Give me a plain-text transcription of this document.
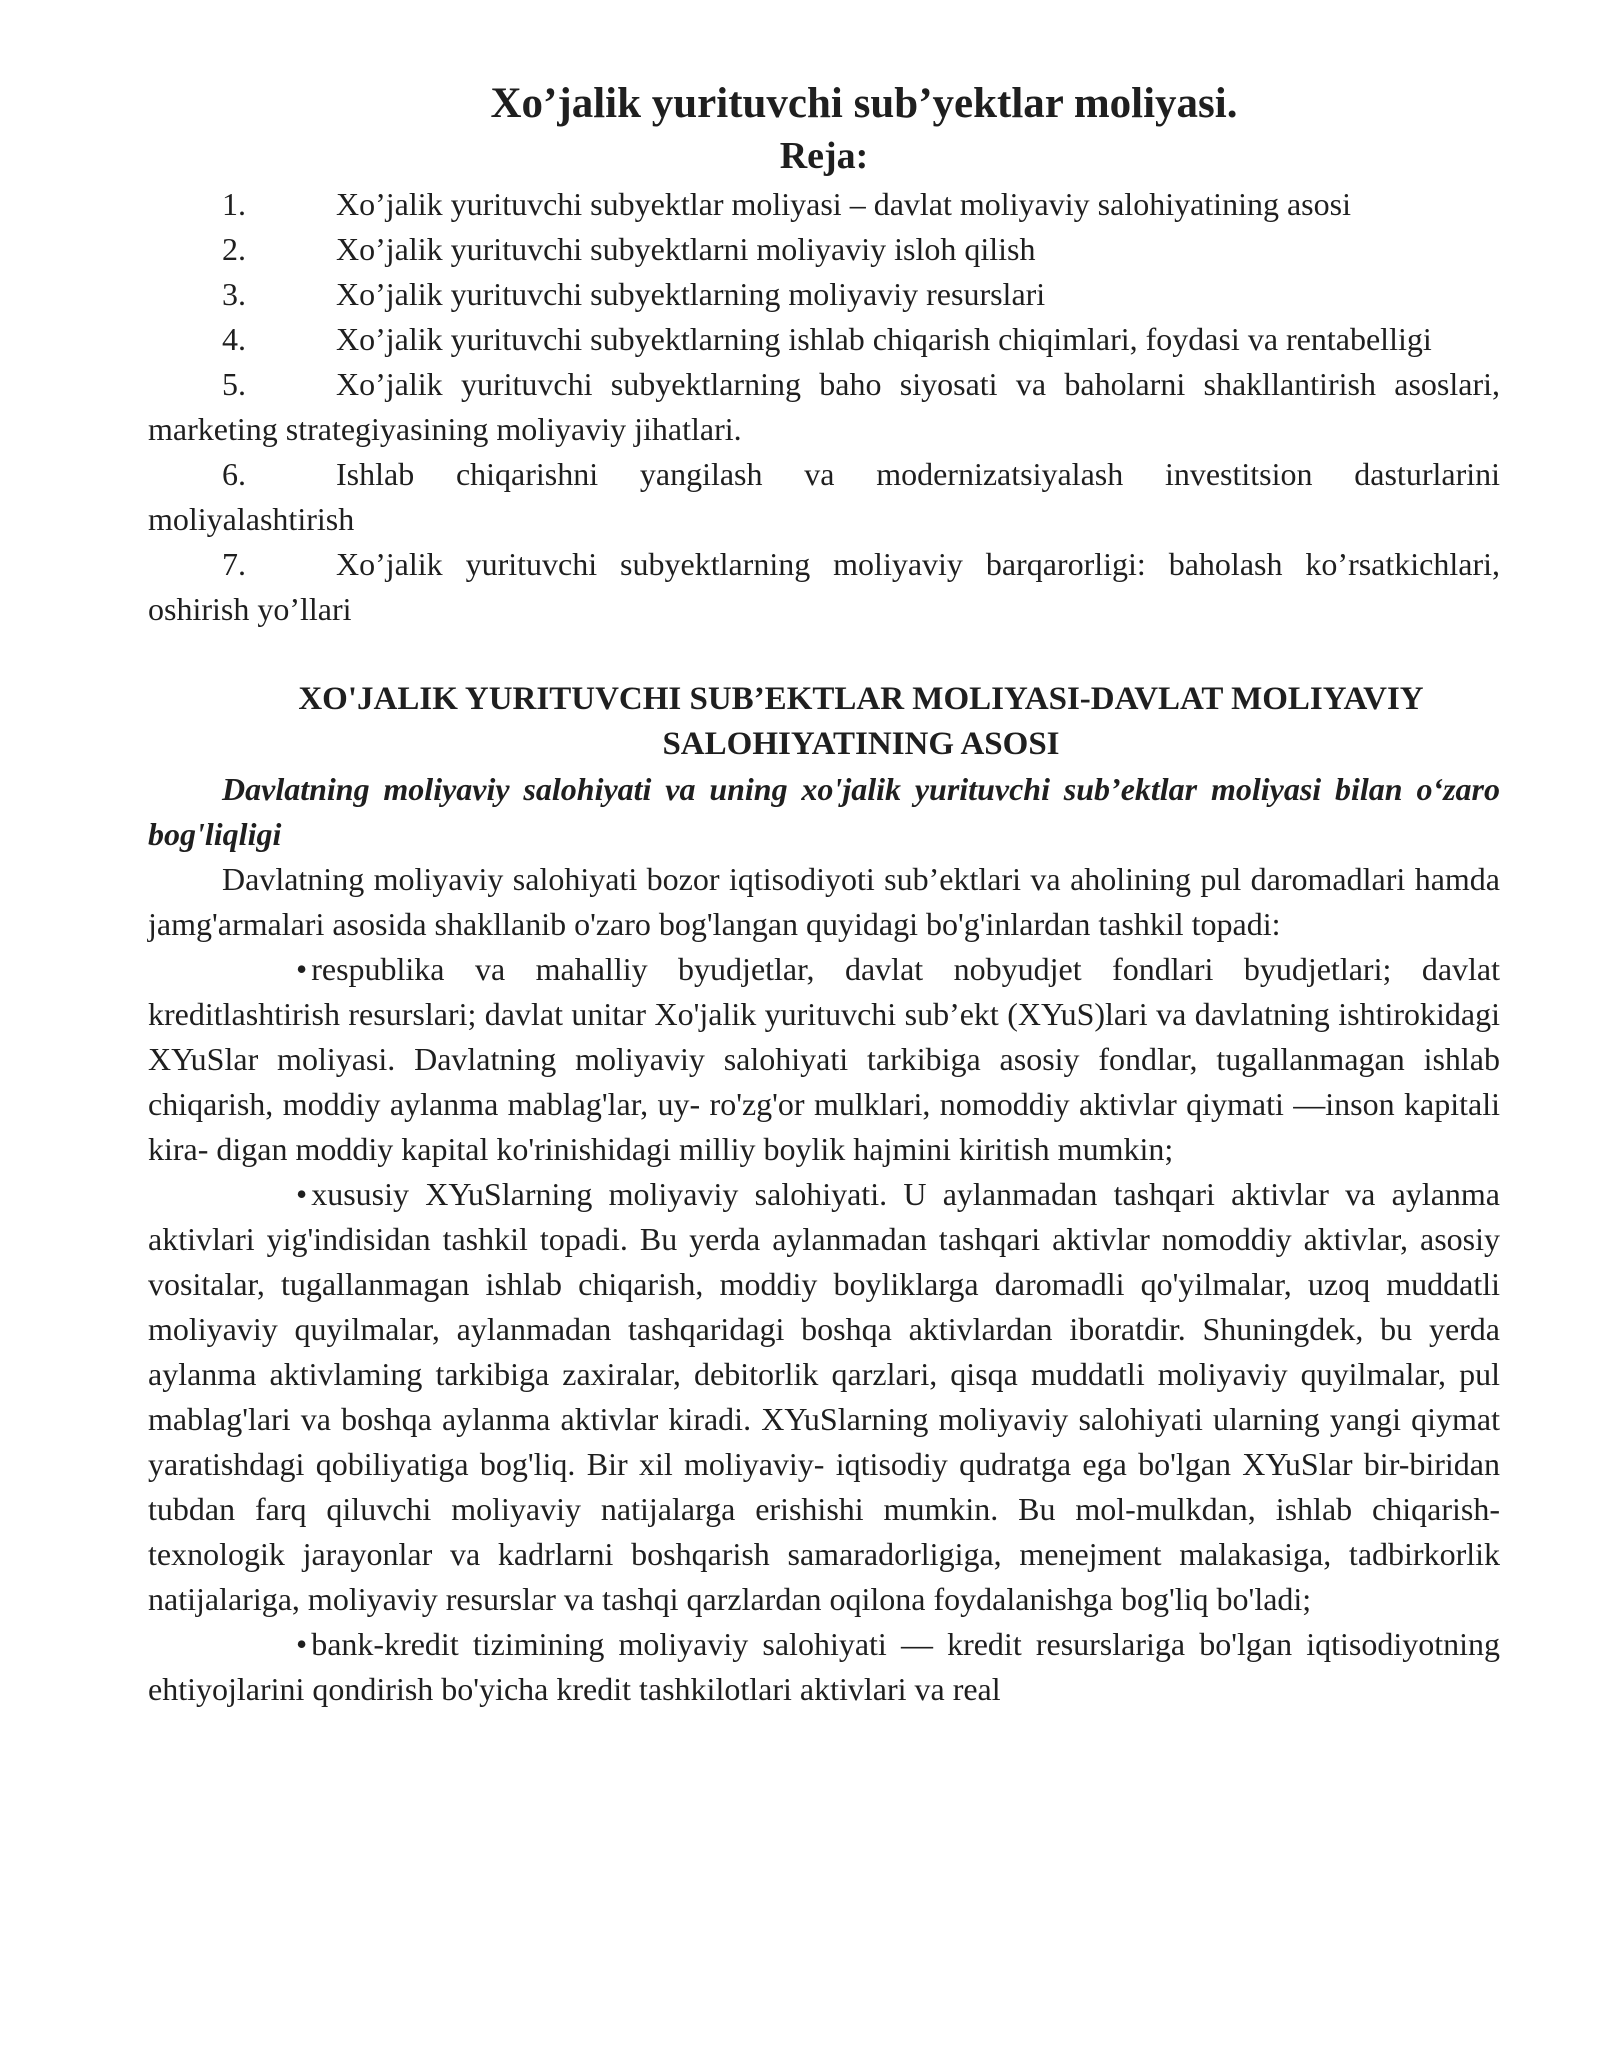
Xo’jalik yurituvchi sub’yektlar moliyasi.
Reja:
1.	Xo’jalik yurituvchi subyektlar moliyasi – davlat moliyaviy salohiyatining asosi
2.	Xo’jalik yurituvchi subyektlarni moliyaviy isloh qilish
3.	Xo’jalik yurituvchi subyektlarning moliyaviy resurslari
4.	Xo’jalik yurituvchi subyektlarning ishlab chiqarish chiqimlari, foydasi va rentabelligi
5.	Xo’jalik yurituvchi subyektlarning baho siyosati va baholarni shakllantirish asoslari, marketing strategiyasining moliyaviy jihatlari.
6.	Ishlab chiqarishni yangilash va modernizatsiyalash investitsion dasturlarini moliyalashtirish
7.	Xo’jalik yurituvchi subyektlarning moliyaviy barqarorligi: baholash ko’rsatkichlari, oshirish yo’llari
XO'JALIK YURITUVCHI SUB’EKTLAR MOLIYASI-DAVLAT MOLIYAVIY SALOHIYATINING ASOSI

Davlatning moliyaviy salohiyati va uning xo'jalik yurituvchi sub’ektlar moliyasi bilan o‘zaro bog'liqligi

Davlatning moliyaviy salohiyati bozor iqtisodiyoti sub’ektlari va aholining pul daromadlari hamda jamg'armalari asosida shakllanib o'zaro bog'langan quyidagi bo'g'inlardan tashkil topadi:

• respublika va mahalliy byudjetlar, davlat nobyudjet fondlari byudjetlari; davlat kreditlashtirish resurslari; davlat unitar Xo'jalik yurituvchi sub’ekt (XYuS)lari va davlatning ishtirokidagi XYuSlar moliyasi. Davlatning moliyaviy salohiyati tarkibiga asosiy fondlar, tugallanmagan ishlab chiqarish, moddiy aylanma mablag'lar, uy- ro'zg'or mulklari, nomoddiy aktivlar qiymati —inson kapitali kira- digan moddiy kapital ko'rinishidagi milliy boylik hajmini kiritish mumkin;

• xususiy XYuSlarning moliyaviy salohiyati. U aylanmadan tashqari aktivlar va aylanma aktivlari yig'indisidan tashkil topadi. Bu yerda aylanmadan tashqari aktivlar nomoddiy aktivlar, asosiy vositalar, tugallanmagan ishlab chiqarish, moddiy boyliklarga daromadli qo'yilmalar, uzoq muddatli moliyaviy quyilmalar, aylanmadan tashqaridagi boshqa aktivlardan iboratdir. Shuningdek, bu yerda aylanma aktivlaming tarkibiga zaxiralar, debitorlik qarzlari, qisqa muddatli moliyaviy quyilmalar, pul mablag'lari va boshqa aylanma aktivlar kiradi. XYuSlarning moliyaviy salohiyati ularning yangi qiymat yaratishdagi qobiliyatiga bog'liq. Bir xil moliyaviy- iqtisodiy qudratga ega bo'lgan XYuSlar bir-biridan tubdan farq qiluvchi moliyaviy natijalarga erishishi mumkin. Bu mol-mulkdan, ishlab chiqarish-texnologik jarayonlar va kadrlarni boshqarish samaradorligiga, menejment malakasiga, tadbirkorlik natijalariga, moliyaviy resurslar va tashqi qarzlardan oqilona foydalanishga bog'liq bo'ladi;

• bank-kredit tizimining moliyaviy salohiyati — kredit resurslariga bo'lgan iqtisodiyotning ehtiyojlarini qondirish bo'yicha kredit tashkilotlari aktivlari va real
